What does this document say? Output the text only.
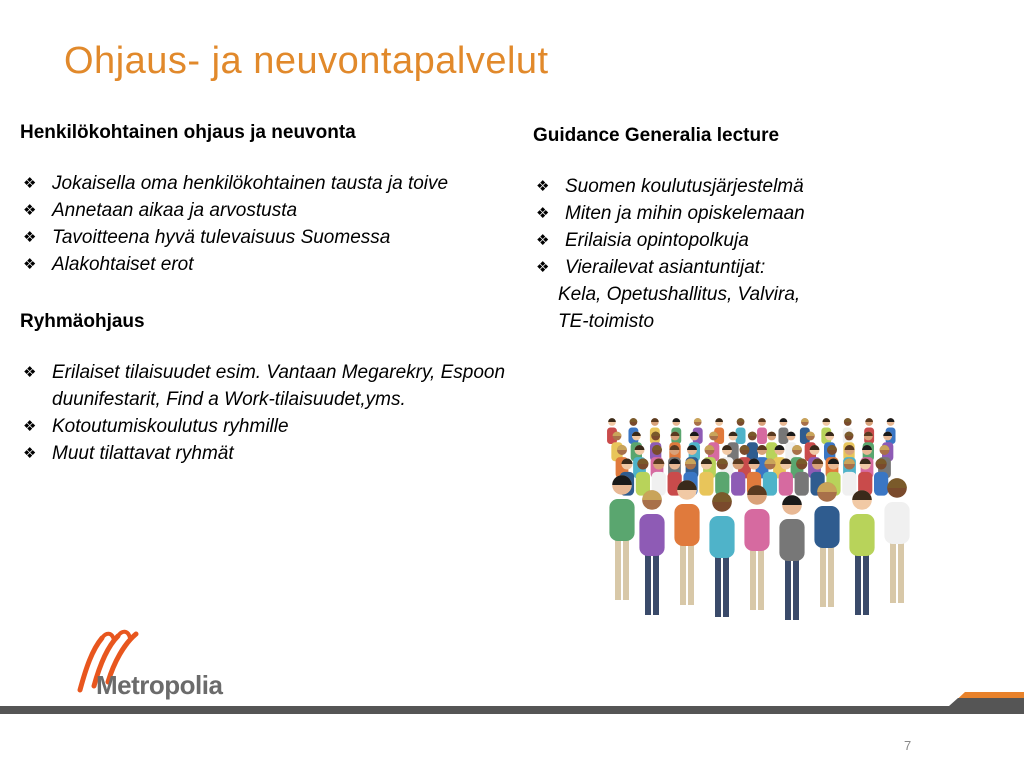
Ohjaus- ja neuvontapalvelut

Henkilökohtainen ohjaus ja neuvonta

❖ Jokaisella oma henkilökohtainen tausta ja toive
❖ Annetaan aikaa ja arvostusta
❖ Tavoitteena hyvä tulevaisuus Suomessa
❖ Alakohtaiset erot

Ryhmäohjaus

❖ Erilaiset tilaisuudet esim. Vantaan Megarekry, Espoon duunifestarit, Find a Work-tilaisuudet,yms.
❖ Kotoutumiskoulutus ryhmille
❖ Muut tilattavat ryhmät

Guidance Generalia lecture

❖ Suomen koulutusjärjestelmä
❖ Miten ja mihin opiskelemaan
❖ Erilaisia opintopolkuja
❖ Vierailevat asiantuntijat:
Kela, Opetushallitus, Valvira,
TE-toimisto
Metropolia
7
